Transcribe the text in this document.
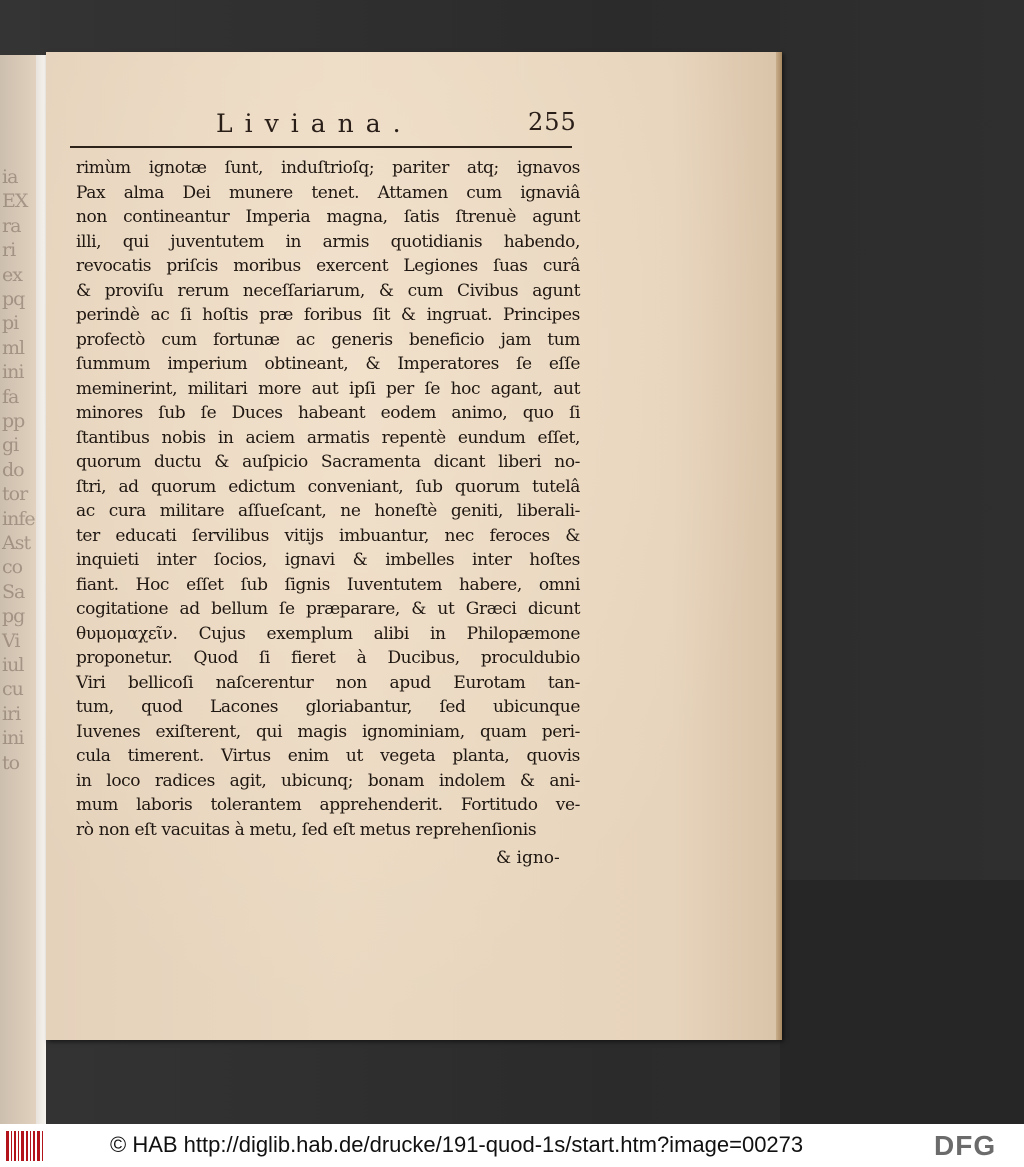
ia
EX
ra
ri
ex
pq
pi
ml
ini
fa
pp
gi
do
tor
infe
Ast
co
Sa
pg
Vi
iul
cu
iri
ini
to
Liviana.	255
rimùm ignotæ ſunt, induſtrioſq; pariter atq; ignavos
Pax alma Dei munere tenet. Attamen cum ignaviâ
non contineantur Imperia magna, ſatis ſtrenuè agunt
illi, qui juventutem in armis quotidianis habendo,
revocatis priſcis moribus exercent Legiones ſuas curâ
& proviſu rerum neceſſariarum, & cum Civibus agunt
perindè ac ſi hoſtis præ foribus ſit & ingruat. Principes
profectò cum fortunæ ac generis beneficio jam tum
ſummum imperium obtineant, & Imperatores ſe eſſe
meminerint, militari more aut ipſi per ſe hoc agant, aut
minores ſub ſe Duces habeant eodem animo, quo ſi
ſtantibus nobis in aciem armatis repentè eundum eſſet,
quorum ductu & auſpicio Sacramenta dicant liberi no-
ſtri, ad quorum edictum conveniant, ſub quorum tutelâ
ac cura militare aſſueſcant, ne honeſtè geniti, liberali-
ter educati ſervilibus vitijs imbuantur, nec feroces &
inquieti inter ſocios, ignavi & imbelles inter hoſtes
fiant. Hoc eſſet ſub ſignis Iuventutem habere, omni
cogitatione ad bellum ſe præparare, & ut Græci dicunt
θυμομαχεῖν. Cujus exemplum alibi in Philopæmone
proponetur. Quod ſi fieret à Ducibus, proculdubio
Viri bellicoſi naſcerentur non apud Eurotam tan-
tum, quod Lacones gloriabantur, ſed ubicunque
Iuvenes exiſterent, qui magis ignominiam, quam peri-
cula timerent. Virtus enim ut vegeta planta, quovis
in loco radices agit, ubicunq; bonam indolem & ani-
mum laboris tolerantem apprehenderit. Fortitudo ve-
rò non eſt vacuitas à metu, ſed eſt metus reprehenſionis
& igno-
© HAB http://diglib.hab.de/drucke/191-quod-1s/start.htm?image=00273	DFG
